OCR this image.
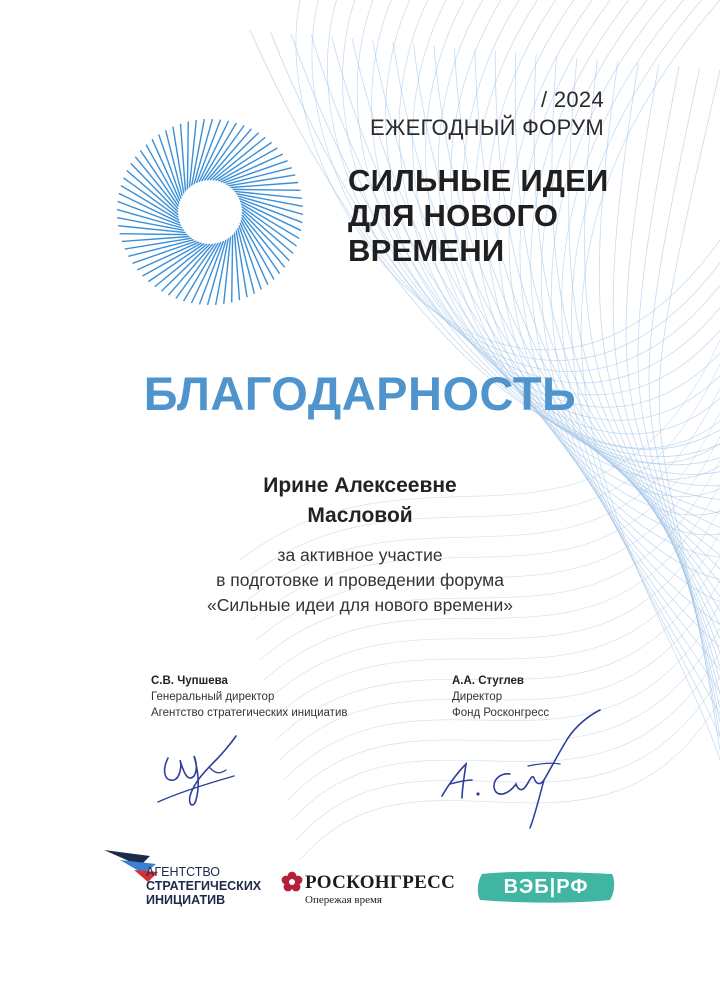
/ 2024
ЕЖЕГОДНЫЙ ФОРУМ
СИЛЬНЫЕ ИДЕИ
ДЛЯ НОВОГО
ВРЕМЕНИ
БЛАГОДАРНОСТЬ
Ирине Алексеевне
Масловой
за активное участие
в подготовке и проведении форума
«Сильные идеи для нового времени»
С.В. Чупшева
Генеральный директор
Агентство стратегических инициатив
А.А. Стуглев
Директор
Фонд Росконгресс
АГЕНТСТВО
СТРАТЕГИЧЕСКИХ
ИНИЦИАТИВ
РОСКОНГРЕСС
Опережая время
ВЭБ|РФ
